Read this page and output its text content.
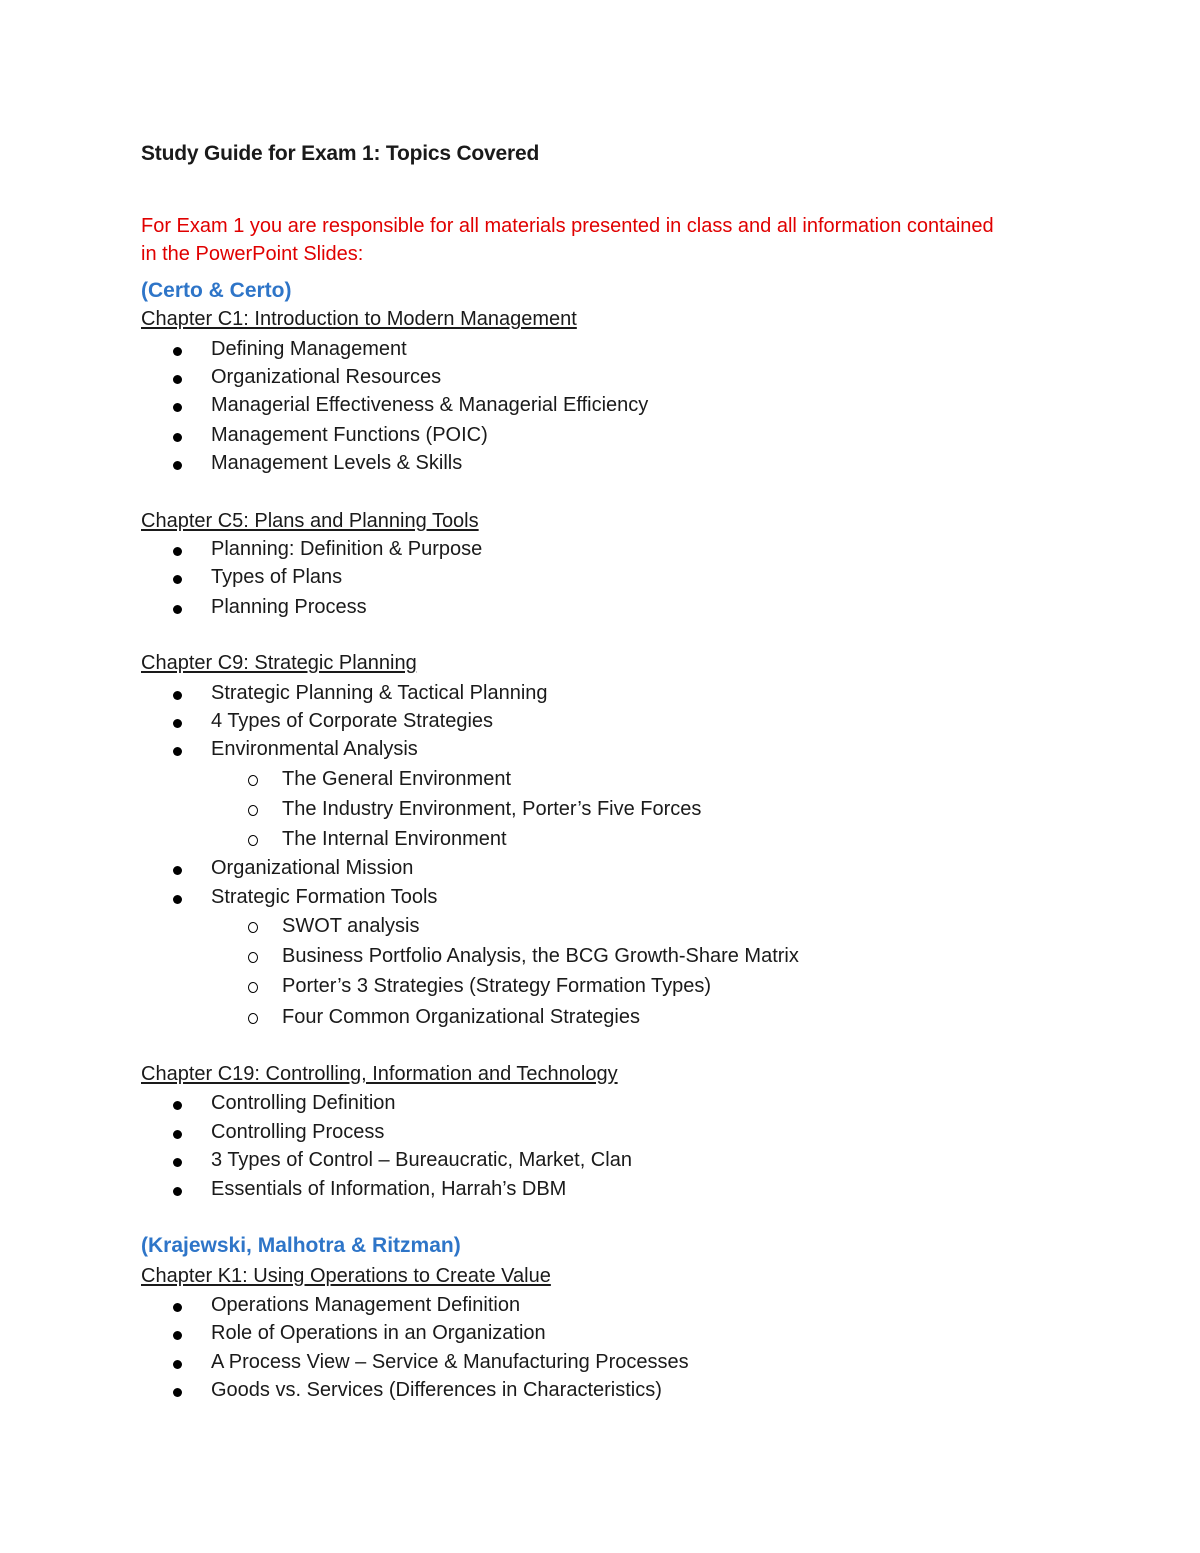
Study Guide for Exam 1: Topics Covered
For Exam 1 you are responsible for all materials presented in class and all information contained in the PowerPoint Slides:
(Certo & Certo)
Chapter C1: Introduction to Modern Management
Defining Management
Organizational Resources
Managerial Effectiveness & Managerial Efficiency
Management Functions (POIC)
Management Levels & Skills
Chapter C5: Plans and Planning Tools
Planning: Definition & Purpose
Types of Plans
Planning Process
Chapter C9: Strategic Planning
Strategic Planning & Tactical Planning
4 Types of Corporate Strategies
Environmental Analysis
The General Environment
The Industry Environment, Porter’s Five Forces
The Internal Environment
Organizational Mission
Strategic Formation Tools
SWOT analysis
Business Portfolio Analysis, the BCG Growth-Share Matrix
Porter’s 3 Strategies (Strategy Formation Types)
Four Common Organizational Strategies
Chapter C19: Controlling, Information and Technology
Controlling Definition
Controlling Process
3 Types of Control – Bureaucratic, Market, Clan
Essentials of Information, Harrah’s DBM
(Krajewski, Malhotra & Ritzman)
Chapter K1: Using Operations to Create Value
Operations Management Definition
Role of Operations in an Organization
A Process View – Service & Manufacturing Processes
Goods vs. Services (Differences in Characteristics)
